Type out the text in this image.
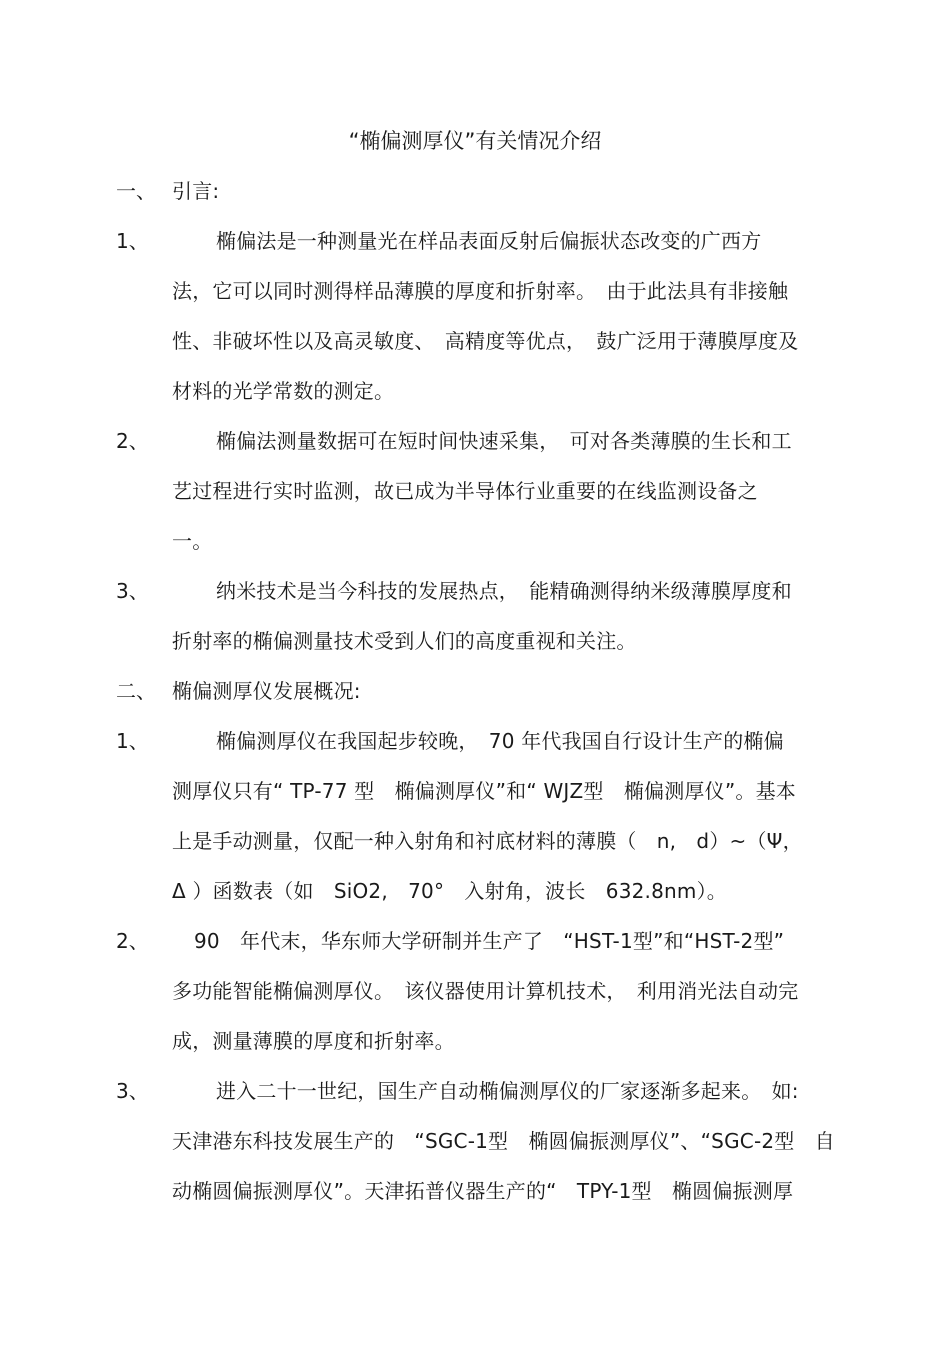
“椭偏测厚仪”有关情况介绍
一、 引言:
1、	椭偏法是一种测量光在样品表面反射后偏振状态改变的广西方
法，它可以同时测得样品薄膜的厚度和折射率。　由于此法具有非接触
性、非破坏性以及高灵敏度、　高精度等优点，　鼓广泛用于薄膜厚度及
材料的光学常数的测定。
2、	椭偏法测量数据可在短时间快速采集，　可对各类薄膜的生长和工
艺过程进行实时监测，故已成为半导体行业重要的在线监测设备之
一。
3、	纳米技术是当今科技的发展热点，　能精确测得纳米级薄膜厚度和
折射率的椭偏测量技术受到人们的高度重视和关注。
二、 椭偏测厚仪发展概况:
1、	椭偏测厚仪在我国起步较晚，　70 年代我国自行设计生产的椭偏
测厚仪只有“ TP-77 型　椭偏测厚仪”和“ WJZ型　椭偏测厚仪”。基本
上是手动测量，仅配一种入射角和衬底材料的薄膜（　n,　d）~（Ψ，
Δ ）函数表（如　SiO2,　70°　入射角，波长　632.8nm）。
2、 90　年代末，华东师大学研制并生产了　“HST-1型”和“HST-2型”
多功能智能椭偏测厚仪。　该仪器使用计算机技术，　利用消光法自动完
成，测量薄膜的厚度和折射率。
3、	进入二十一世纪，国生产自动椭偏测厚仪的厂家逐渐多起来。　如:
天津港东科技发展生产的　“SGC-1型　椭圆偏振测厚仪”、“SGC-2型　自
动椭圆偏振测厚仪”。天津拓普仪器生产的“　TPY-1型　椭圆偏振测厚
